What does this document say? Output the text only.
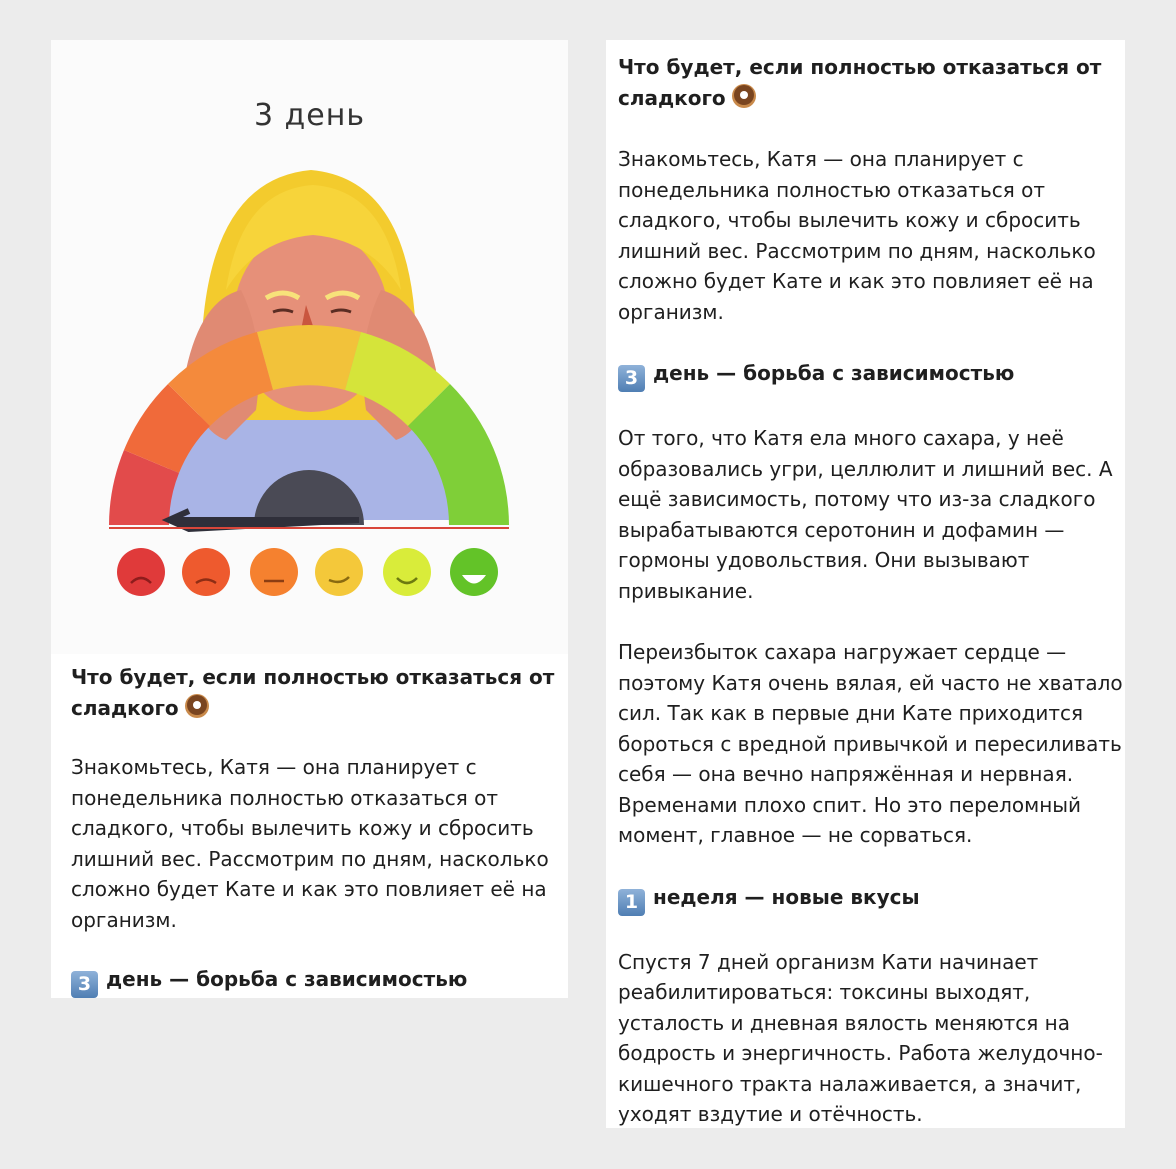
3 день

Что будет, если полностью отказаться от сладкого

Знакомьтесь, Катя — она планирует с понедельника полностью отказаться от сладкого, чтобы вылечить кожу и сбросить лишний вес. Рассмотрим по дням, насколько сложно будет Кате и как это повлияет её на организм.

3 день — борьба с зависимостью

Что будет, если полностью отказаться от сладкого

Знакомьтесь, Катя — она планирует с понедельника полностью отказаться от сладкого, чтобы вылечить кожу и сбросить лишний вес. Рассмотрим по дням, насколько сложно будет Кате и как это повлияет её на организм.

3 день — борьба с зависимостью

От того, что Катя ела много сахара, у неё образовались угри, целлюлит и лишний вес. А ещё зависимость, потому что из-за сладкого вырабатываются серотонин и дофамин — гормоны удовольствия. Они вызывают привыкание.

Переизбыток сахара нагружает сердце — поэтому Катя очень вялая, ей часто не хватало сил. Так как в первые дни Кате приходится бороться с вредной привычкой и пересиливать себя — она вечно напряжённая и нервная. Временами плохо спит. Но это переломный момент, главное — не сорваться.

1 неделя — новые вкусы

Спустя 7 дней организм Кати начинает реабилитироваться: токсины выходят, усталость и дневная вялость меняются на бодрость и энергичность. Работа желудочно-кишечного тракта налаживается, а значит, уходят вздутие и отёчность.
